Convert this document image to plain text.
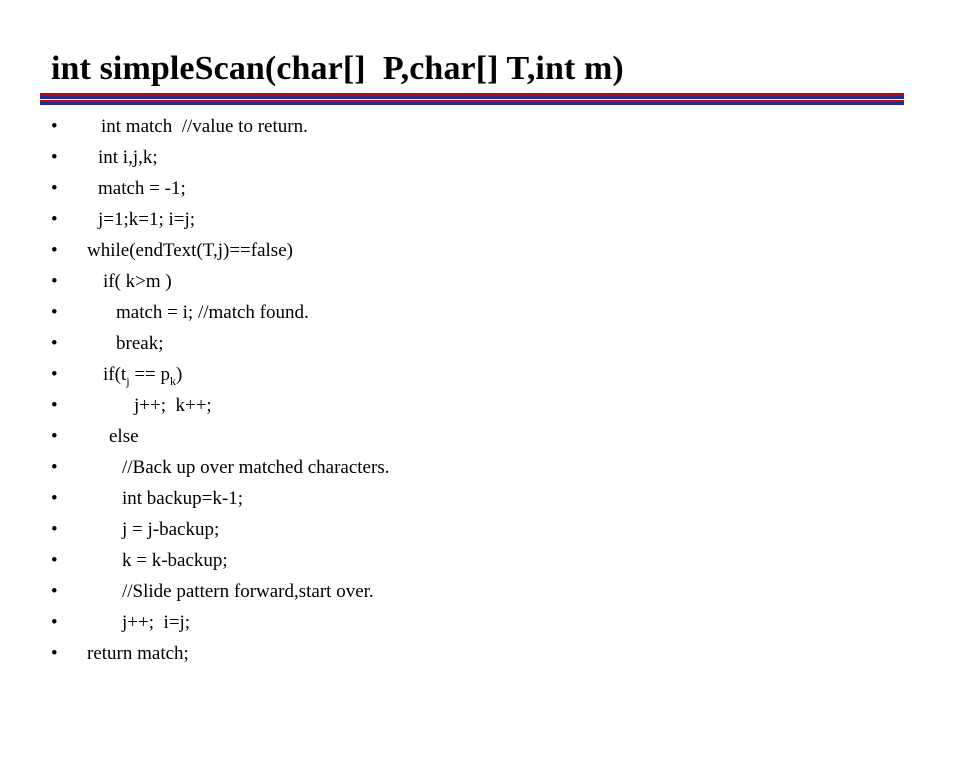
int simpleScan(char[]  P,char[] T,int m)

•

int match  //value to return.

•

int i,j,k;

•

match = -1;

•

j=1;k=1; i=j;

•

while(endText(T,j)==false)

•

if( k>m )

•

	match = i; //match found.

•

	break;

•

$if(t_j == p_k)$

•

	j++;  k++;

•

	else

•

	//Back up over matched characters.

•

	int backup=k-1;

•

	j = j-backup;

•

	k = k-backup;

•

	//Slide pattern forward,start over.

•

	j++;  i=j;

•

return match;
